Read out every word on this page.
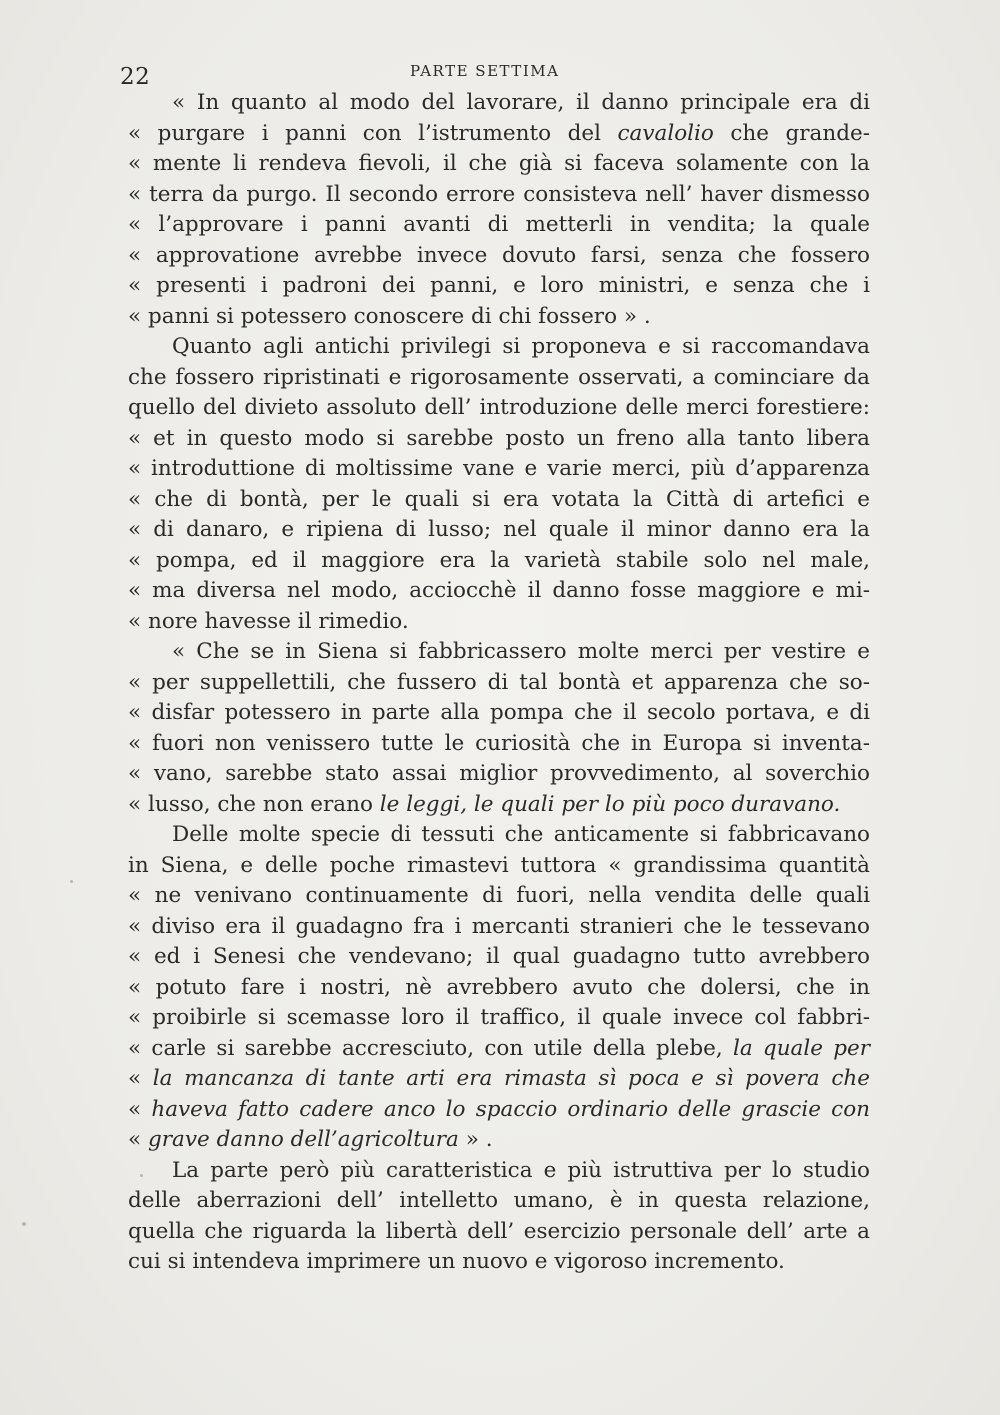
22	PARTE SETTIMA
« In quanto al modo del lavorare, il danno principale era di
« purgare i panni con l’istrumento del cavalolio che grande-
« mente li rendeva fievoli, il che già si faceva solamente con la
« terra da purgo. Il secondo errore consisteva nell’ haver dismesso
« l’approvare i panni avanti di metterli in vendita; la quale
« approvatione avrebbe invece dovuto farsi, senza che fossero
« presenti i padroni dei panni, e loro ministri, e senza che i
« panni si potessero conoscere di chi fossero » .
Quanto agli antichi privilegi si proponeva e si raccomandava
che fossero ripristinati e rigorosamente osservati, a cominciare da
quello del divieto assoluto dell’ introduzione delle merci forestiere:
« et in questo modo si sarebbe posto un freno alla tanto libera
« introduttione di moltissime vane e varie merci, più d’apparenza
« che di bontà, per le quali si era votata la Città di artefici e
« di danaro, e ripiena di lusso; nel quale il minor danno era la
« pompa, ed il maggiore era la varietà stabile solo nel male,
« ma diversa nel modo, acciocchè il danno fosse maggiore e mi-
« nore havesse il rimedio.
« Che se in Siena si fabbricassero molte merci per vestire e
« per suppellettili, che fussero di tal bontà et apparenza che so-
« disfar potessero in parte alla pompa che il secolo portava, e di
« fuori non venissero tutte le curiosità che in Europa si inventa-
« vano, sarebbe stato assai miglior provvedimento, al soverchio
« lusso, che non erano le leggi, le quali per lo più poco duravano.
Delle molte specie di tessuti che anticamente si fabbricavano
in Siena, e delle poche rimastevi tuttora « grandissima quantità
« ne venivano continuamente di fuori, nella vendita delle quali
« diviso era il guadagno fra i mercanti stranieri che le tessevano
« ed i Senesi che vendevano; il qual guadagno tutto avrebbero
« potuto fare i nostri, nè avrebbero avuto che dolersi, che in
« proibirle si scemasse loro il traffico, il quale invece col fabbri-
« carle si sarebbe accresciuto, con utile della plebe, la quale per
« la mancanza di tante arti era rimasta sì poca e sì povera che
« haveva fatto cadere anco lo spaccio ordinario delle grascie con
« grave danno dell’agricoltura » .
La parte però più caratteristica e più istruttiva per lo studio
delle aberrazioni dell’ intelletto umano, è in questa relazione,
quella che riguarda la libertà dell’ esercizio personale dell’ arte a
cui si intendeva imprimere un nuovo e vigoroso incremento.
